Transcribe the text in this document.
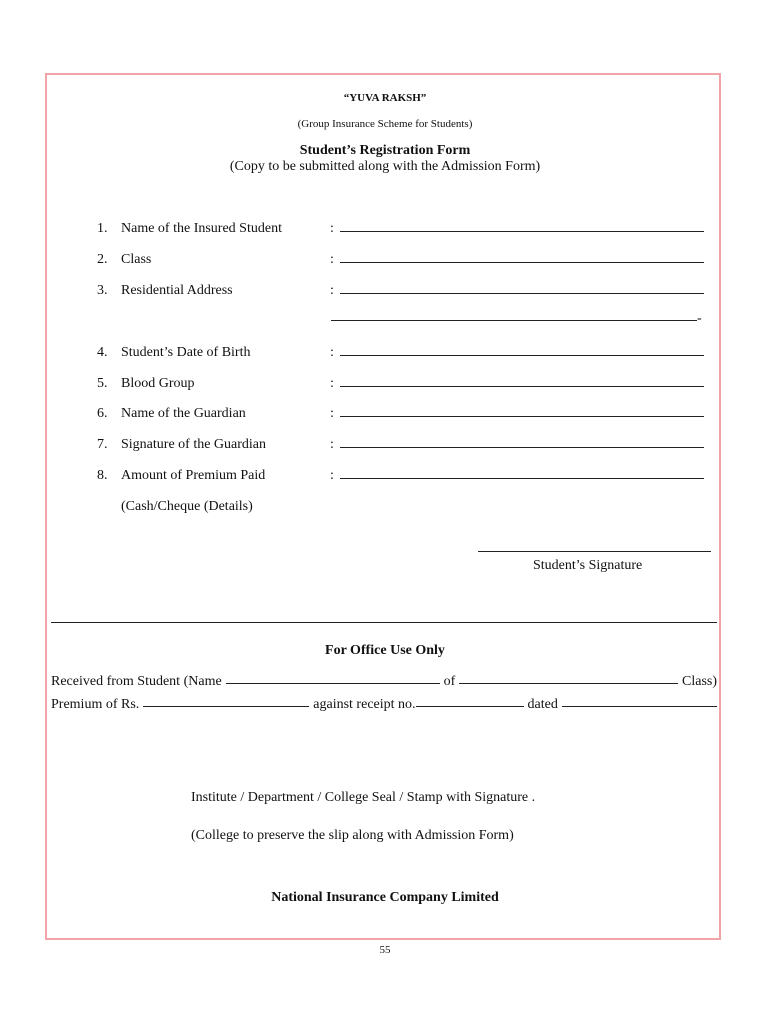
“YUVA RAKSH”
(Group Insurance Scheme for Students)
Student’s Registration Form
(Copy to be submitted along with the Admission Form)
1. Name of the Insured Student	:
2. Class	:
3. Residential Address	:
-
4. Student’s Date of Birth	:
5. Blood Group	:
6. Name of the Guardian	:
7. Signature of the Guardian	:
8. Amount of Premium Paid	:
(Cash/Cheque (Details)
Student’s Signature
For Office Use Only
Received from Student (Name	of	Class)
Premium of Rs.	against receipt no.	dated
Institute / Department / College Seal / Stamp with Signature .
(College to preserve the slip along with Admission Form)
National Insurance Company Limited
55
